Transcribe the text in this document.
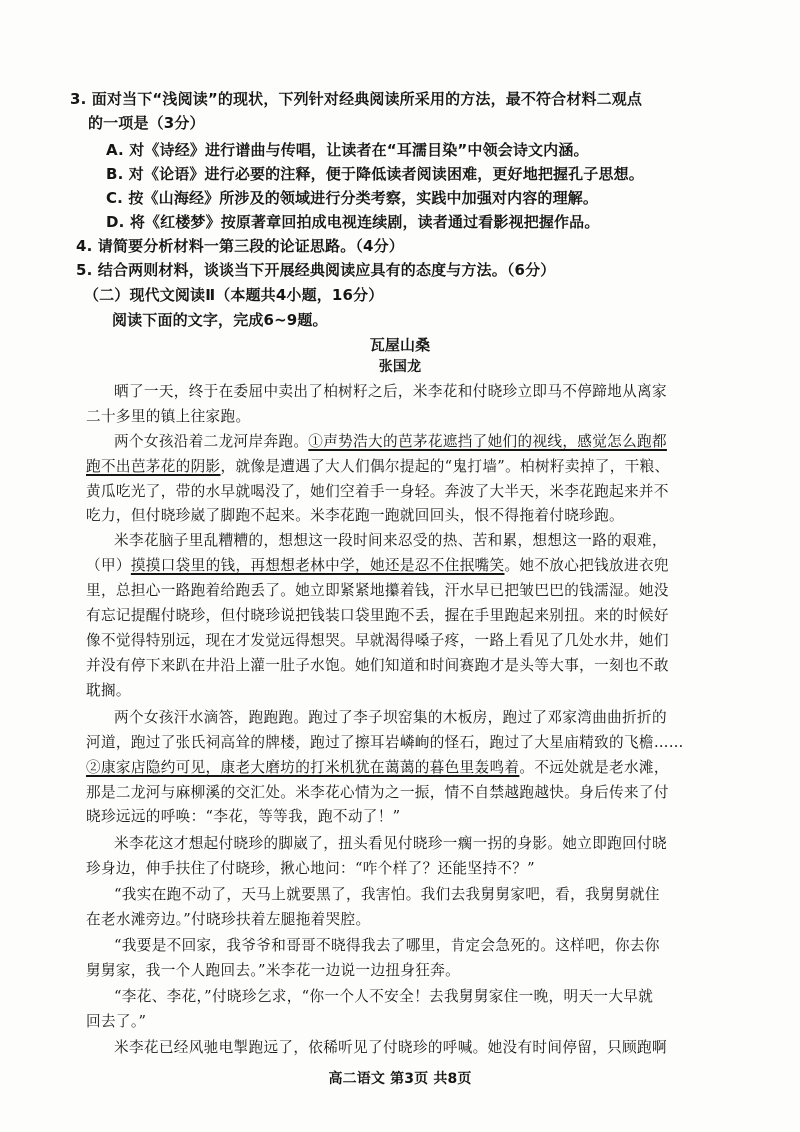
3. 面对当下“浅阅读”的现状，下列针对经典阅读所采用的方法，最不符合材料二观点
的一项是（3分）
A. 对《诗经》进行谱曲与传唱，让读者在“耳濡目染”中领会诗文内涵。
B. 对《论语》进行必要的注释，便于降低读者阅读困难，更好地把握孔子思想。
C. 按《山海经》所涉及的领域进行分类考察，实践中加强对内容的理解。
D. 将《红楼梦》按原著章回拍成电视连续剧，读者通过看影视把握作品。
4. 请简要分析材料一第三段的论证思路。（4分）
5. 结合两则材料，谈谈当下开展经典阅读应具有的态度与方法。（6分）
（二）现代文阅读Ⅱ（本题共4小题，16分）
阅读下面的文字，完成6~9题。
瓦屋山桑
张国龙
晒了一天，终于在委屈中卖出了柏树籽之后，米李花和付晓珍立即马不停蹄地从离家
二十多里的镇上往家跑。
两个女孩沿着二龙河岸奔跑。①声势浩大的芭茅花遮挡了她们的视线，感觉怎么跑都
跑不出芭茅花的阴影，就像是遭遇了大人们偶尔提起的“鬼打墙”。柏树籽卖掉了，干粮、
黄瓜吃光了，带的水早就喝没了，她们空着手一身轻。奔波了大半天，米李花跑起来并不
吃力，但付晓珍崴了脚跑不起来。米李花跑一跑就回回头，恨不得拖着付晓珍跑。
米李花脑子里乱糟糟的，想想这一段时间来忍受的热、苦和累，想想这一路的艰难，
（甲）摸摸口袋里的钱，再想想老林中学，她还是忍不住抿嘴笑。她不放心把钱放进衣兜
里，总担心一路跑着给跑丢了。她立即紧紧地攥着钱，汗水早已把皱巴巴的钱濡湿。她没
有忘记提醒付晓珍，但付晓珍说把钱装口袋里跑不丢，握在手里跑起来别扭。来的时候好
像不觉得特别远，现在才发觉远得想哭。早就渴得嗓子疼，一路上看见了几处水井，她们
并没有停下来趴在井沿上灌一肚子水饱。她们知道和时间赛跑才是头等大事，一刻也不敢
耽搁。
两个女孩汗水滴答，跑跑跑。跑过了李子坝窑集的木板房，跑过了邓家湾曲曲折折的
河道，跑过了张氏祠高耸的牌楼，跑过了擦耳岩嶙峋的怪石，跑过了大星庙精致的飞檐……
②康家店隐约可见，康老大磨坊的打米机犹在蔼蔼的暮色里轰鸣着。不远处就是老水滩，
那是二龙河与麻柳溪的交汇处。米李花心情为之一振，情不自禁越跑越快。身后传来了付
晓珍远远的呼唤：“李花，等等我，跑不动了！”
米李花这才想起付晓珍的脚崴了，扭头看见付晓珍一瘸一拐的身影。她立即跑回付晓
珍身边，伸手扶住了付晓珍，揪心地问：“咋个样了？还能坚持不？”
“我实在跑不动了，天马上就要黑了，我害怕。我们去我舅舅家吧，看，我舅舅就住
在老水滩旁边。”付晓珍扶着左腿拖着哭腔。
“我要是不回家，我爷爷和哥哥不晓得我去了哪里，肯定会急死的。这样吧，你去你
舅舅家，我一个人跑回去。”米李花一边说一边扭身狂奔。
“李花、李花，”付晓珍乞求，“你一个人不安全！去我舅舅家住一晚，明天一大早就
回去了。”
米李花已经风驰电掣跑远了，依稀听见了付晓珍的呼喊。她没有时间停留，只顾跑啊
高二语文 第3页 共8页
